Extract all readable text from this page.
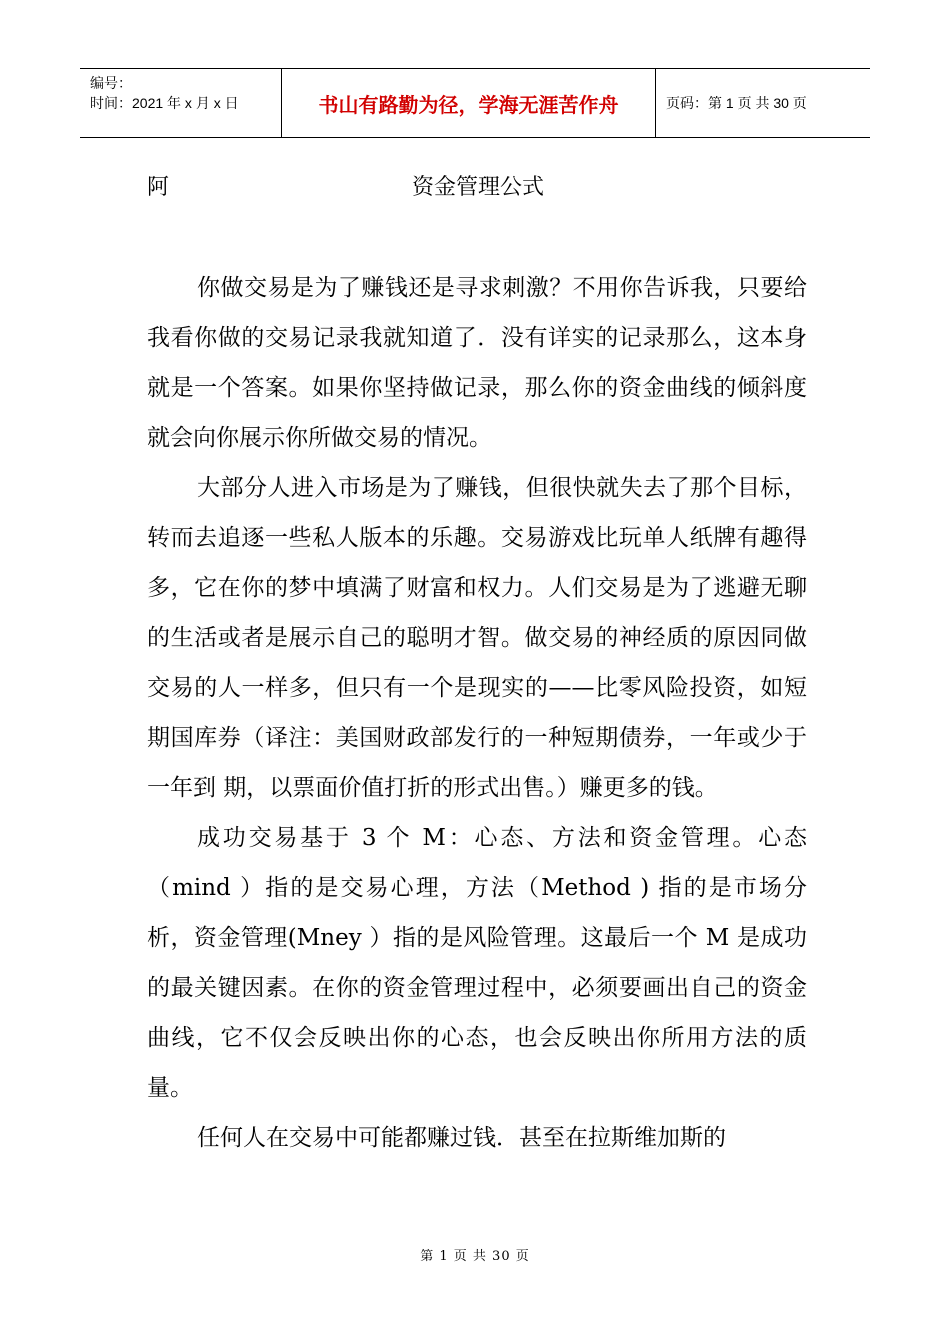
编号：
时间：2021 年 x 月 x 日	书山有路勤为径，学海无涯苦作舟	页码：第 1 页 共 30 页
阿	资金管理公式

你做交易是为了赚钱还是寻求刺激？不用你告诉我，只要给我看你做的交易记录我就知道了．没有详实的记录那么，这本身就是一个答案。如果你坚持做记录，那么你的资金曲线的倾斜度就会向你展示你所做交易的情况。

大部分人进入市场是为了赚钱，但很快就失去了那个目标，转而去追逐一些私人版本的乐趣。交易游戏比玩单人纸牌有趣得多，它在你的梦中填满了财富和权力。人们交易是为了逃避无聊的生活或者是展示自己的聪明才智。做交易的神经质的原因同做交易的人一样多，但只有一个是现实的——比零风险投资，如短期国库券（译注：美国财政部发行的一种短期债券，一年或少于一年到 期，以票面价值打折的形式出售。）赚更多的钱。

成功交易基于 3 个 M：心态、方法和资金管理。心态（mind ）指的是交易心理，方法（Method ) 指的是市场分析，资金管理(Mney ）指的是风险管理。这最后一个 M 是成功的最关键因素。在你的资金管理过程中，必须要画出自己的资金曲线，它不仅会反映出你的心态，也会反映出你所用方法的质量。

任何人在交易中可能都赚过钱．甚至在拉斯维加斯的

第 1 页 共 30 页
